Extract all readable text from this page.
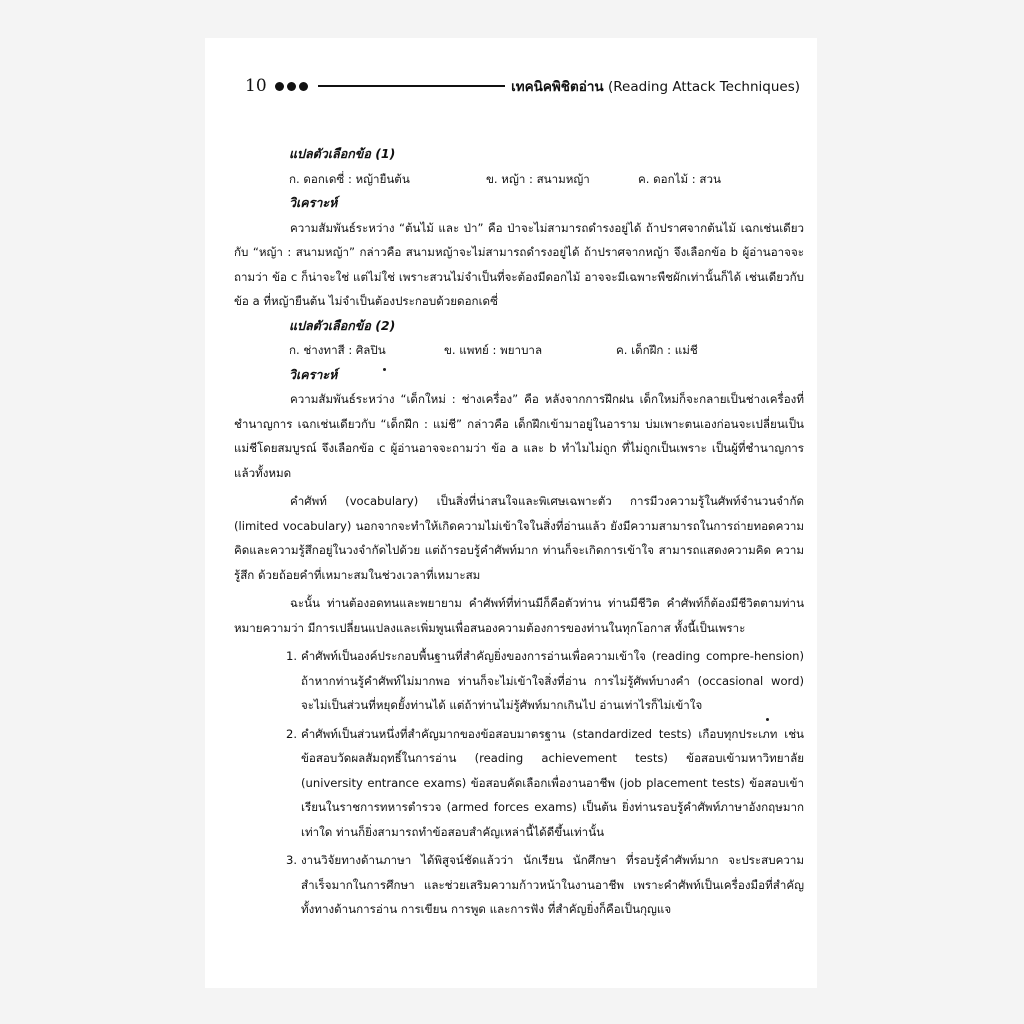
10	เทคนิคพิชิตอ่าน (Reading Attack Techniques)
แปลตัวเลือกข้อ (1)
ก. ดอกเดซี่ : หญ้ายืนต้น	ข. หญ้า : สนามหญ้า	ค. ดอกไม้ : สวน
วิเคราะห์

ความสัมพันธ์ระหว่าง “ต้นไม้ และ ป่า” คือ ป่าจะไม่สามารถดำรงอยู่ได้ ถ้าปราศจากต้นไม้ เฉกเช่นเดียวกับ “หญ้า : สนามหญ้า” กล่าวคือ สนามหญ้าจะไม่สามารถดำรงอยู่ได้ ถ้าปราศจากหญ้า จึงเลือกข้อ b ผู้อ่านอาจจะถามว่า ข้อ c ก็น่าจะใช่ แต่ไม่ใช่ เพราะสวนไม่จำเป็นที่จะต้องมีดอกไม้ อาจจะมีเฉพาะพืชผักเท่านั้นก็ได้ เช่นเดียวกับข้อ a ที่หญ้ายืนต้น ไม่จำเป็นต้องประกอบด้วยดอกเดซี่

แปลตัวเลือกข้อ (2)
ก. ช่างทาสี : ศิลปิน	ข. แพทย์ : พยาบาล	ค. เด็กฝึก : แม่ชี
วิเคราะห์

ความสัมพันธ์ระหว่าง “เด็กใหม่ : ช่างเครื่อง” คือ หลังจากการฝึกฝน เด็กใหม่ก็จะกลายเป็นช่างเครื่องที่ชำนาญการ เฉกเช่นเดียวกับ “เด็กฝึก : แม่ชี” กล่าวคือ เด็กฝึกเข้ามาอยู่ในอาราม บ่มเพาะตนเองก่อนจะเปลี่ยนเป็นแม่ชีโดยสมบูรณ์ จึงเลือกข้อ c ผู้อ่านอาจจะถามว่า ข้อ a และ b ทำไมไม่ถูก ที่ไม่ถูกเป็นเพราะ เป็นผู้ที่ชำนาญการแล้วทั้งหมด

คำศัพท์ (vocabulary) เป็นสิ่งที่น่าสนใจและพิเศษเฉพาะตัว การมีวงความรู้ในศัพท์จำนวนจำกัด (limited vocabulary) นอกจากจะทำให้เกิดความไม่เข้าใจในสิ่งที่อ่านแล้ว ยังมีความสามารถในการถ่ายทอดความคิดและความรู้สึกอยู่ในวงจำกัดไปด้วย แต่ถ้ารอบรู้คำศัพท์มาก ท่านก็จะเกิดการเข้าใจ สามารถแสดงความคิด ความรู้สึก ด้วยถ้อยคำที่เหมาะสมในช่วงเวลาที่เหมาะสม

ฉะนั้น ท่านต้องอดทนและพยายาม คำศัพท์ที่ท่านมีก็คือตัวท่าน ท่านมีชีวิต คำศัพท์ก็ต้องมีชีวิตตามท่าน หมายความว่า มีการเปลี่ยนแปลงและเพิ่มพูนเพื่อสนองความต้องการของท่านในทุกโอกาส ทั้งนี้เป็นเพราะ

1. คำศัพท์เป็นองค์ประกอบพื้นฐานที่สำคัญยิ่งของการอ่านเพื่อความเข้าใจ (reading compre-hension) ถ้าหากท่านรู้คำศัพท์ไม่มากพอ ท่านก็จะไม่เข้าใจสิ่งที่อ่าน การไม่รู้ศัพท์บางคำ (occasional word) จะไม่เป็นส่วนที่หยุดยั้งท่านได้ แต่ถ้าท่านไม่รู้ศัพท์มากเกินไป อ่านเท่าไรก็ไม่เข้าใจ
2. คำศัพท์เป็นส่วนหนึ่งที่สำคัญมากของข้อสอบมาตรฐาน (standardized tests) เกือบทุกประเภท เช่น ข้อสอบวัดผลสัมฤทธิ์ในการอ่าน (reading achievement tests) ข้อสอบเข้ามหาวิทยาลัย (university entrance exams) ข้อสอบคัดเลือกเพื่องานอาชีพ (job placement tests) ข้อสอบเข้าเรียนในราชการทหารตำรวจ (armed forces exams) เป็นต้น ยิ่งท่านรอบรู้คำศัพท์ภาษาอังกฤษมากเท่าใด ท่านก็ยิ่งสามารถทำข้อสอบสำคัญเหล่านี้ได้ดีขึ้นเท่านั้น
3. งานวิจัยทางด้านภาษา ได้พิสูจน์ชัดแล้วว่า นักเรียน นักศึกษา ที่รอบรู้คำศัพท์มาก จะประสบความสำเร็จมากในการศึกษา และช่วยเสริมความก้าวหน้าในงานอาชีพ เพราะคำศัพท์เป็นเครื่องมือที่สำคัญทั้งทางด้านการอ่าน การเขียน การพูด และการฟัง ที่สำคัญยิ่งก็คือเป็นกุญแจ
